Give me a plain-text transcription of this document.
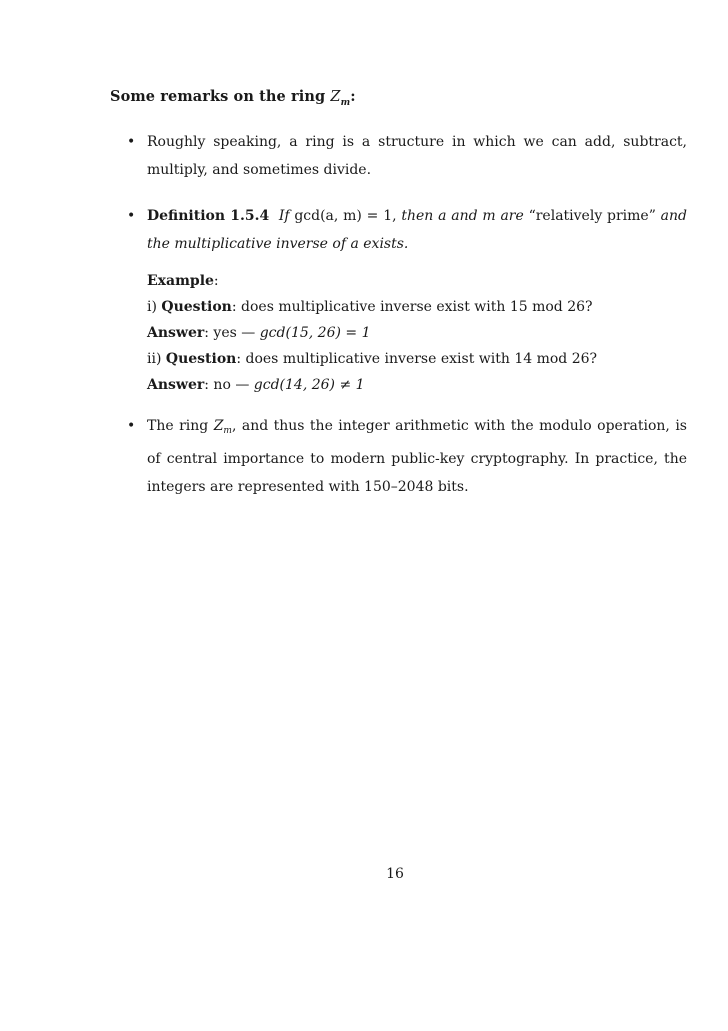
Some remarks on the ring $Z_m$:
• Roughly speaking, a ring is a structure in which we can add, subtract, multiply, and sometimes divide.

• Definition 1.5.4 If gcd(a, m) = 1, then a and m are “relatively prime” and the multiplicative inverse of a exists.

Example:

i) Question: does multiplicative inverse exist with 15 mod 26?

Answer: yes — gcd(15, 26) = 1

ii) Question: does multiplicative inverse exist with 14 mod 26?

Answer: no — gcd(14, 26) ≠ 1

• The ring $Z_m$, and thus the integer arithmetic with the modulo operation, is of central importance to modern public-key cryptography. In practice, the integers are represented with 150–2048 bits.

16
